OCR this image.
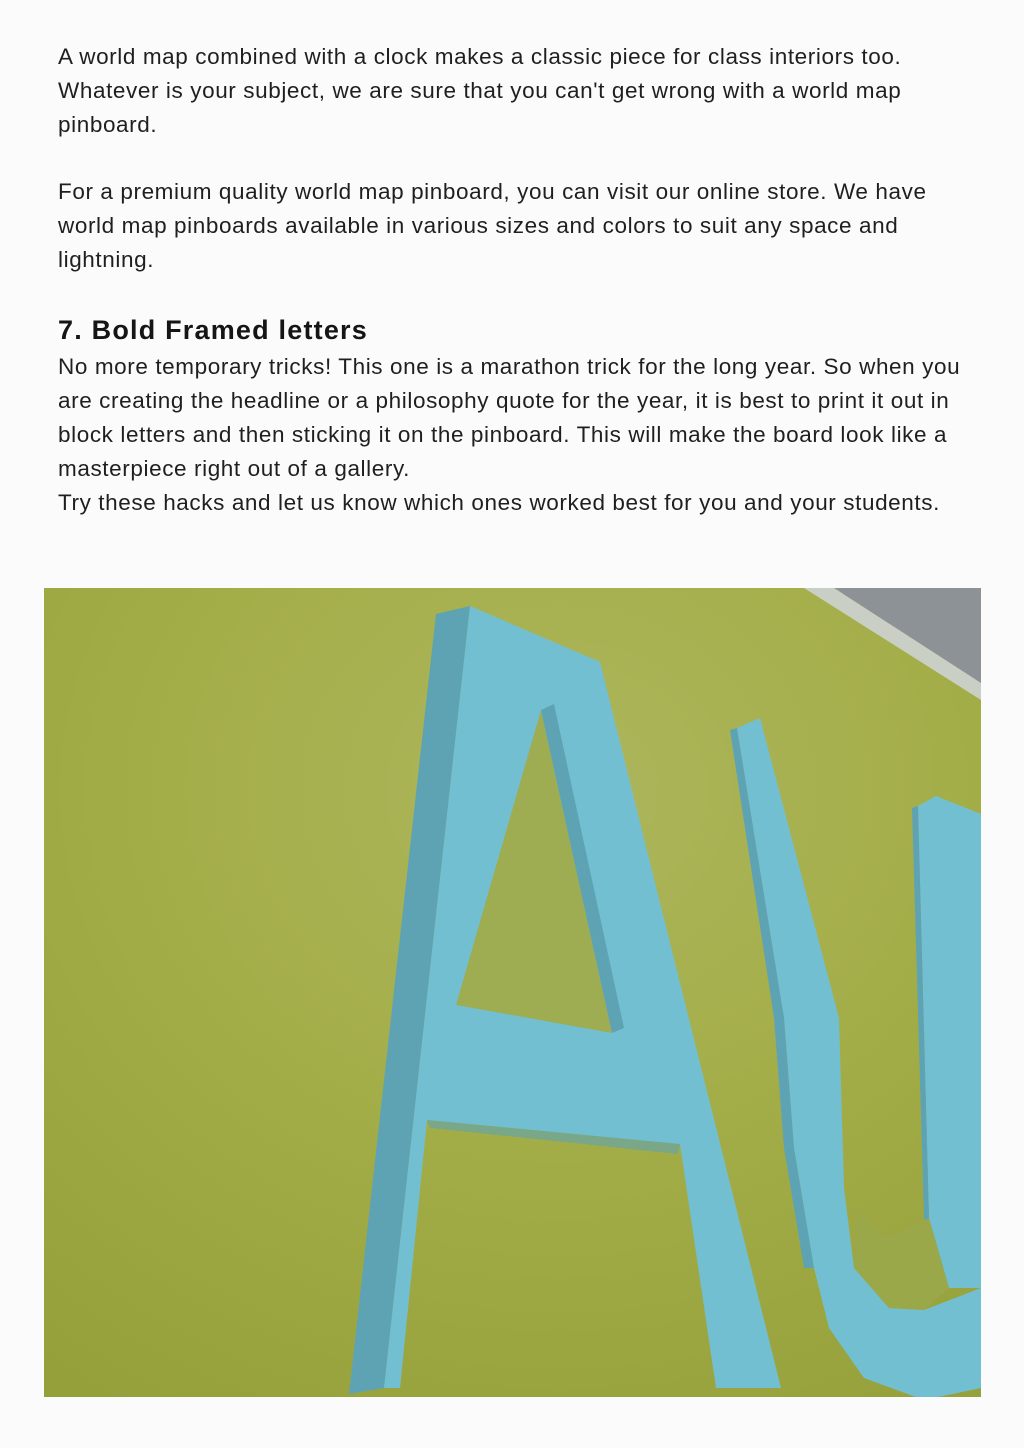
A world map combined with a clock makes a classic piece for class interiors too. Whatever is your subject, we are sure that you can't get wrong with a world map pinboard.

For a premium quality world map pinboard, you can visit our online store. We have world map pinboards available in various sizes and colors to suit any space and lightning.

7. Bold Framed letters

No more temporary tricks! This one is a marathon trick for the long year. So when you are creating the headline or a philosophy quote for the year, it is best to print it out in block letters and then sticking it on the pinboard. This will make the board look like a masterpiece right out of a gallery.

Try these hacks and let us know which ones worked best for you and your students.
